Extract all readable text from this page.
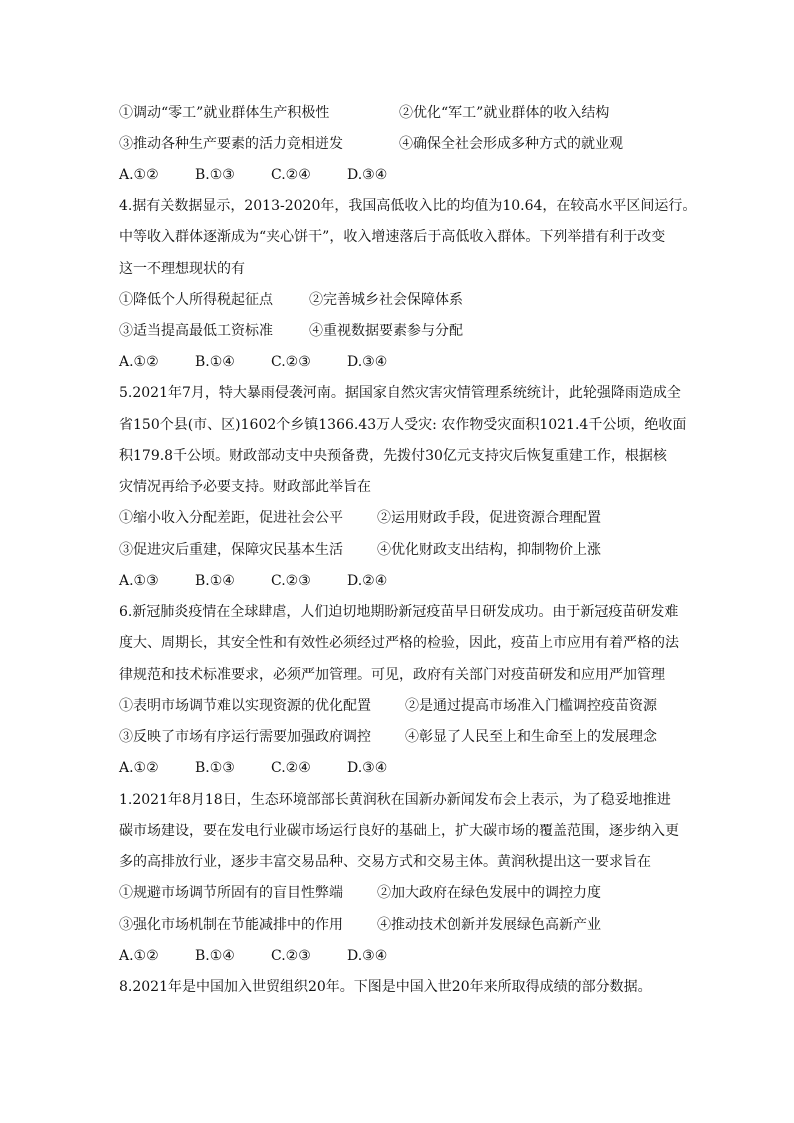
①调动“零工”就业群体生产积极性	②优化“军工”就业群体的收入结构
③推动各种生产要素的活力竞相迸发	④确保全社会形成多种方式的就业观
A.①②	B.①③	C.②④	D.③④
4.据有关数据显示，2013-2020年，我国高低收入比的均值为10.64，在较高水平区间运行。
中等收入群体逐渐成为“夹心饼干”，收入增速落后于高低收入群体。下列举措有利于改变
这一不理想现状的有
①降低个人所得税起征点	②完善城乡社会保障体系
③适当提高最低工资标准	④重视数据要素参与分配
A.①②	B.①④	C.②③	D.③④
5.2021年7月，特大暴雨侵袭河南。据国家自然灾害灾情管理系统统计，此轮强降雨造成全
省150个县(市、区)1602个乡镇1366.43万人受灾: 农作物受灾面积1021.4千公顷，绝收面
积179.8千公顷。财政部动支中央预备费，先拨付30亿元支持灾后恢复重建工作，根据核
灾情况再给予必要支持。财政部此举旨在
①缩小收入分配差距，促进社会公平 ②运用财政手段，促进资源合理配置
③促进灾后重建，保障灾民基本生活 ④优化财政支出结构，抑制物价上涨
A.①③	B.①④	C.②③	D.②④
6.新冠肺炎疫情在全球肆虐，人们迫切地期盼新冠疫苗早日研发成功。由于新冠疫苗研发难
度大、周期长，其安全性和有效性必须经过严格的检验，因此，疫苗上市应用有着严格的法
律规范和技术标准要求，必须严加管理。可见，政府有关部门对疫苗研发和应用严加管理
①表明市场调节难以实现资源的优化配置 ②是通过提高市场准入门槛调控疫苗资源
③反映了市场有序运行需要加强政府调控 ④彰显了人民至上和生命至上的发展理念
A.①②	B.①③	C.②④	D.③④
1.2021年8月18日，生态环境部部长黄润秋在国新办新闻发布会上表示，为了稳妥地推进
碳市场建设，要在发电行业碳市场运行良好的基础上，扩大碳市场的覆盖范围，逐步纳入更
多的高排放行业，逐步丰富交易品种、交易方式和交易主体。黄润秋提出这一要求旨在
①规避市场调节所固有的盲目性弊端 ②加大政府在绿色发展中的调控力度
③强化市场机制在节能减排中的作用 ④推动技术创新并发展绿色高新产业
A.①②	B.①④	C.②③	D.③④
8.2021年是中国加入世贸组织20年。下图是中国入世20年来所取得成绩的部分数据。
